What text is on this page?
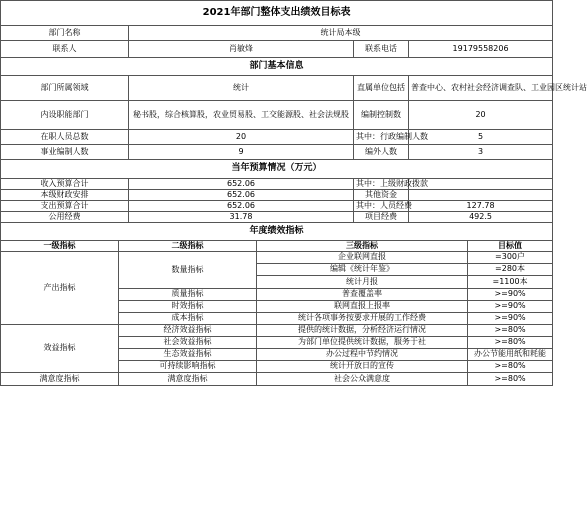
2021年部门整体支出绩效目标表						
部门名称		统计局本级				
联系人		肖敏烽		联系电话	19179558206	
部门基本信息						
部门所属领域		统计		直属单位包括	普查中心、农村社会经济调查队、工业园区统计站	
内设职能部门		秘书股，综合核算股，农业贸易股、工交能源股、社会法规股		编制控制数	20	
在职人员总数		20		其中：行政编制人数	5	
事业编制人数		9		编外人数	3	
当年预算情况（万元）						
收入预算合计		652.06		其中：上级财政拨款		
本级财政安排		652.06		其他资金		
支出预算合计		652.06		其中：人员经费	127.78	
公用经费		31.78		项目经费	492.5	
年度绩效指标						
一级指标	二级指标		三级指标			目标值
产出指标	数量指标		企业联网直报			=300户
			编辑《统计年鉴》			=280本
			统计月报			=1100本
	质量指标		普查覆盖率			>=90%
	时效指标		联网直报上报率			>=90%
	成本指标		统计各项事务按要求开展的工作经费			>=90%
效益指标	经济效益指标		提供的统计数据，分析经济运行情况			>=80%
	社会效益指标		为部门单位提供统计数据，服务于社			>=80%
	生态效益指标		办公过程中节约情况			办公节能用纸和耗能
	可持续影响指标		统计开放日的宣传			>=80%
满意度指标	满意度指标		社会公众满意度			>=80%
